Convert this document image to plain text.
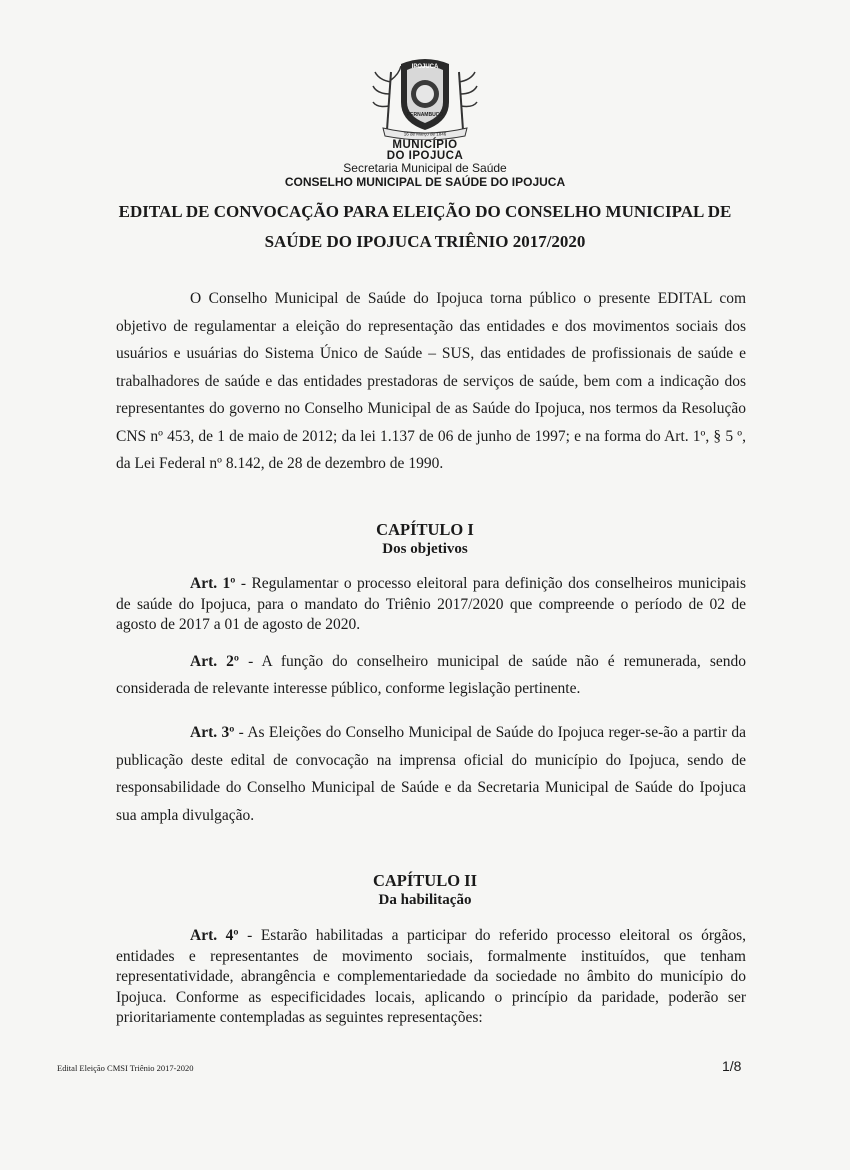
IPOJUCA
PERNAMBUCO
16 de Março de 1846
MUNICÍPIO
DO IPOJUCA
Secretaria Municipal de Saúde
CONSELHO MUNICIPAL DE SAÚDE DO IPOJUCA
EDITAL DE CONVOCAÇÃO PARA ELEIÇÃO DO CONSELHO MUNICIPAL DE
SAÚDE DO IPOJUCA TRIÊNIO 2017/2020
O Conselho Municipal de Saúde do Ipojuca torna público o presente EDITAL com objetivo de regulamentar a eleição do representação das entidades e dos movimentos sociais dos usuários e usuárias do Sistema Único de Saúde – SUS, das entidades de profissionais de saúde e trabalhadores de saúde e das entidades prestadoras de serviços de saúde, bem com a indicação dos representantes do governo no Conselho Municipal de as Saúde do Ipojuca, nos termos da Resolução CNS nº 453, de 1 de maio de 2012; da lei 1.137 de 06 de junho de 1997; e na forma do Art. 1º, § 5 º, da Lei Federal nº 8.142, de 28 de dezembro de 1990.
CAPÍTULO I
Dos objetivos
Art. 1º - Regulamentar o processo eleitoral para definição dos conselheiros municipais de saúde do Ipojuca, para o mandato do Triênio 2017/2020 que compreende o período de 02 de agosto de 2017 a 01 de agosto de 2020.
Art. 2º - A função do conselheiro municipal de saúde não é remunerada, sendo considerada de relevante interesse público, conforme legislação pertinente.
Art. 3º - As Eleições do Conselho Municipal de Saúde do Ipojuca reger-se-ão a partir da publicação deste edital de convocação na imprensa oficial do município do Ipojuca, sendo de responsabilidade do Conselho Municipal de Saúde e da Secretaria Municipal de Saúde do Ipojuca sua ampla divulgação.
CAPÍTULO II
Da habilitação
Art. 4º - Estarão habilitadas a participar do referido processo eleitoral os órgãos, entidades e representantes de movimento sociais, formalmente instituídos, que tenham representatividade, abrangência e complementariedade da sociedade no âmbito do município do Ipojuca. Conforme as especificidades locais, aplicando o princípio da paridade, poderão ser prioritariamente contempladas as seguintes representações:
Edital Eleição CMSI Triênio 2017-2020	1/8
